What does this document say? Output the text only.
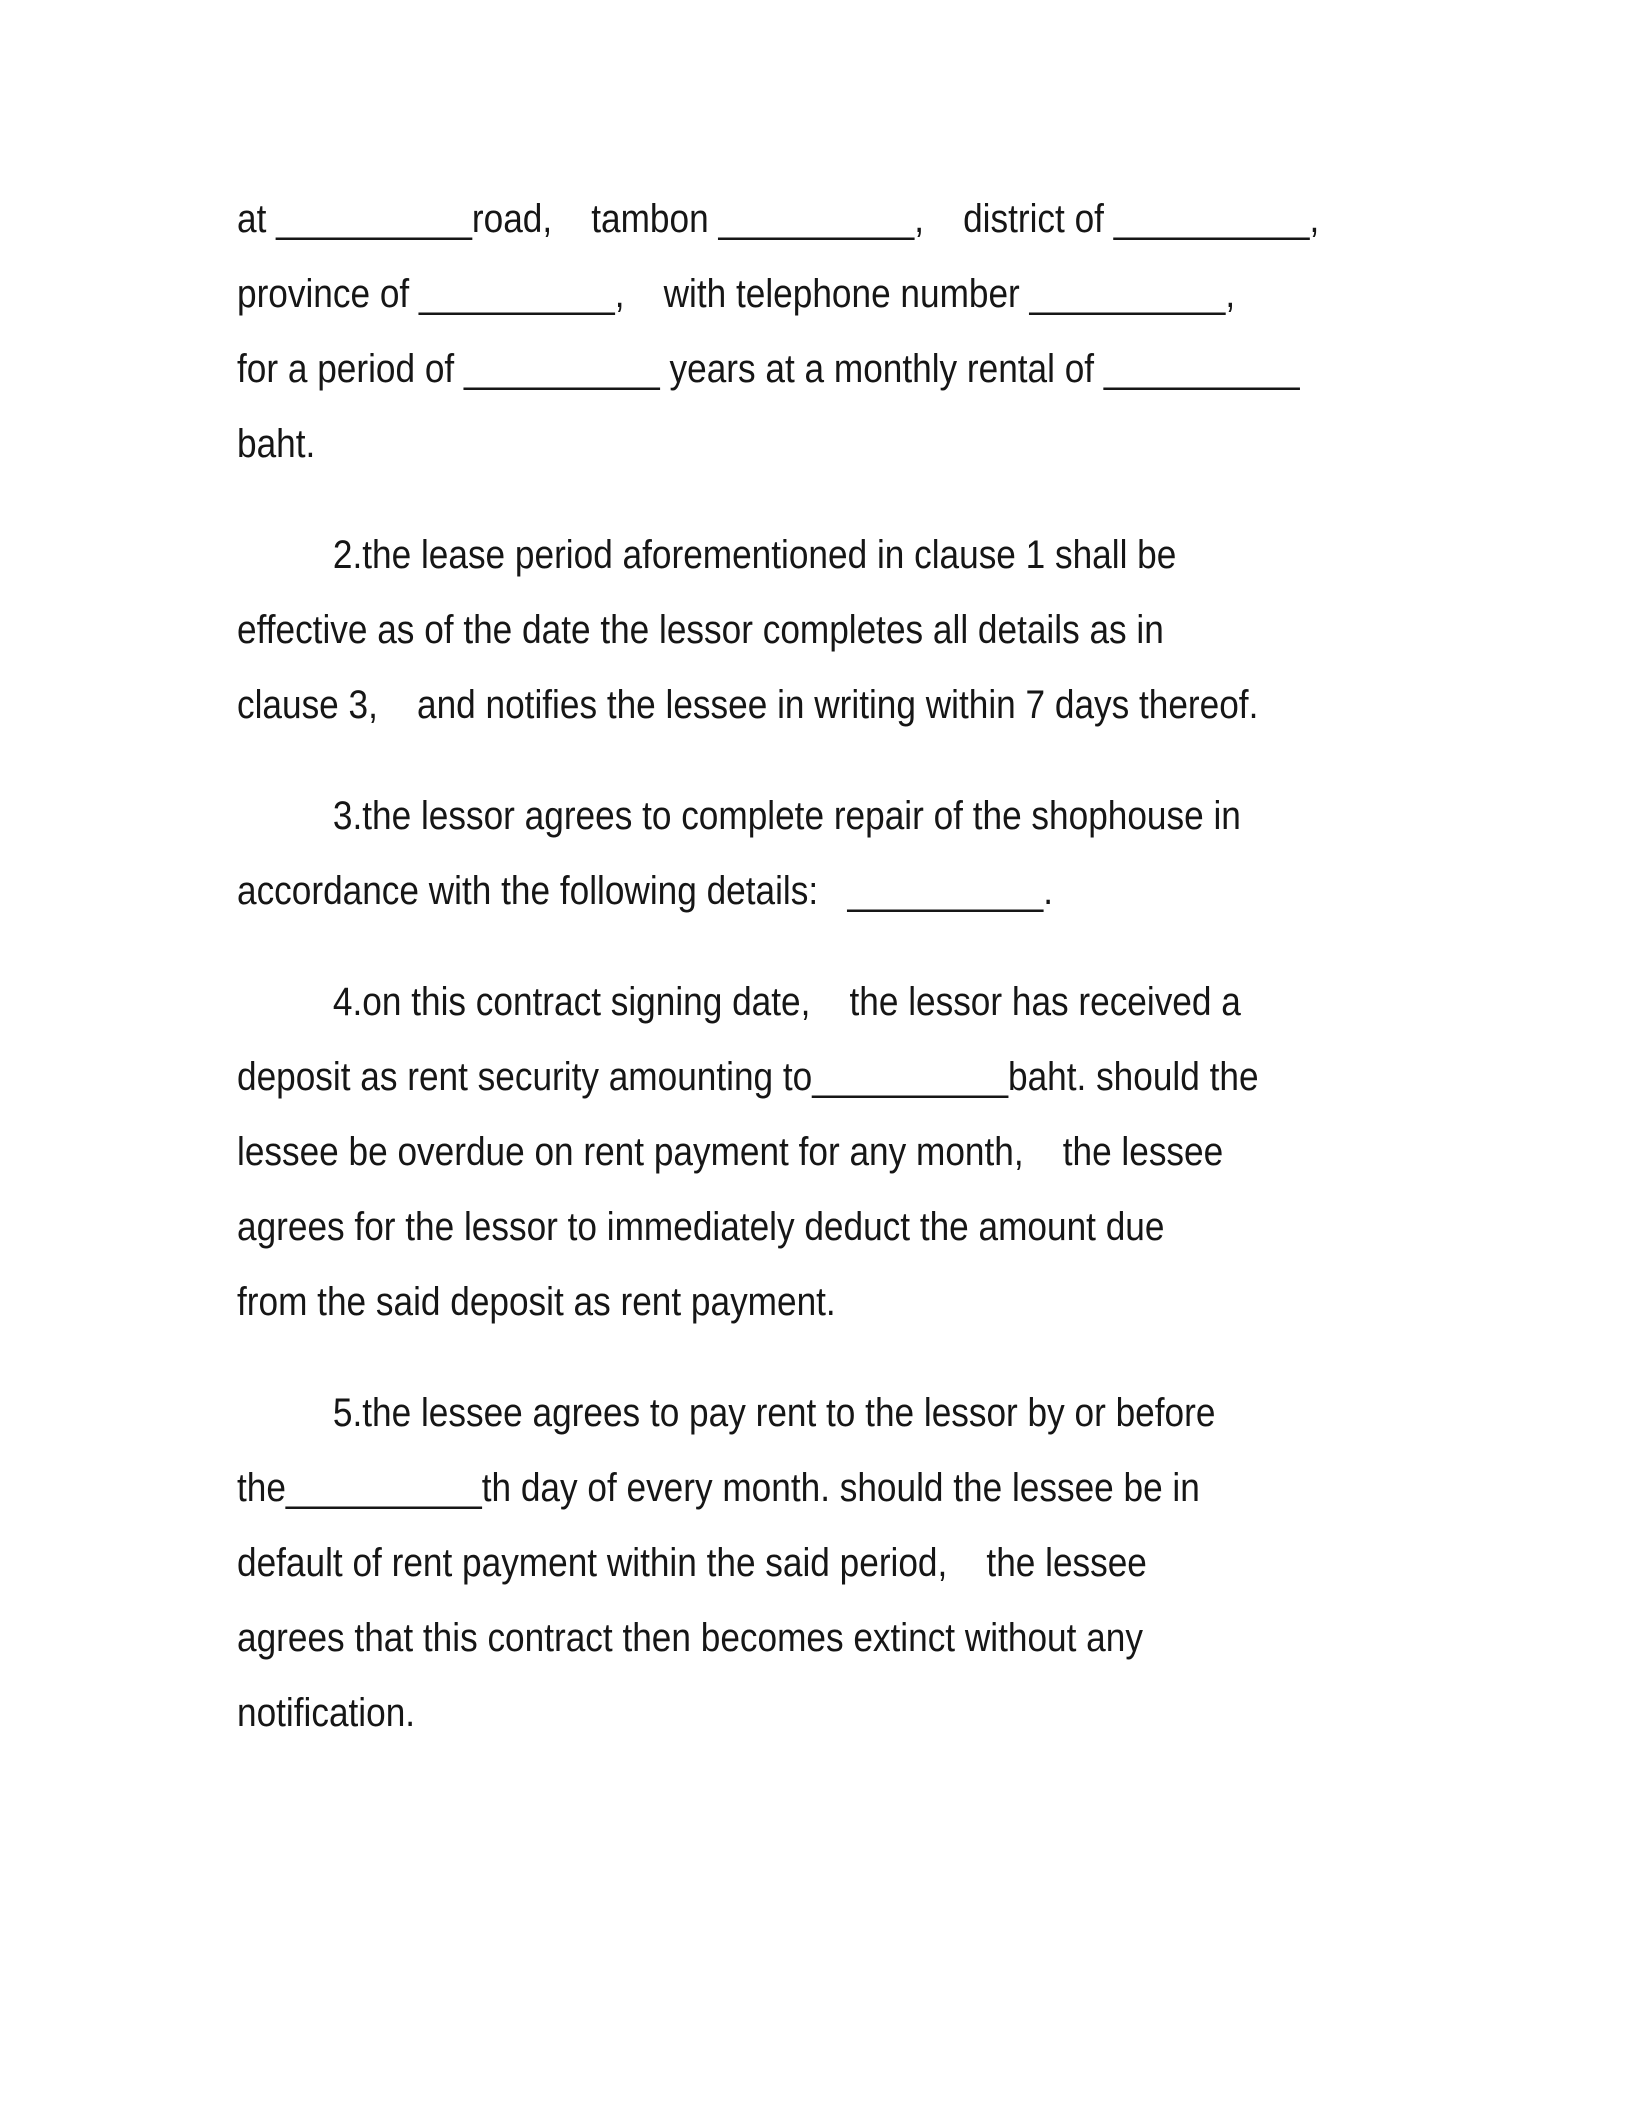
at __________road,    tambon __________,    district of __________,
province of __________,    with telephone number __________,
for a period of __________ years at a monthly rental of __________
baht.
2.the lease period aforementioned in clause 1 shall be
effective as of the date the lessor completes all details as in
clause 3,    and notifies the lessee in writing within 7 days thereof.
3.the lessor agrees to complete repair of the shophouse in
accordance with the following details:   __________.
4.on this contract signing date,    the lessor has received a
deposit as rent security amounting to__________baht. should the
lessee be overdue on rent payment for any month,    the lessee
agrees for the lessor to immediately deduct the amount due
from the said deposit as rent payment.
5.the lessee agrees to pay rent to the lessor by or before
the__________th day of every month. should the lessee be in
default of rent payment within the said period,    the lessee
agrees that this contract then becomes extinct without any
notification.
